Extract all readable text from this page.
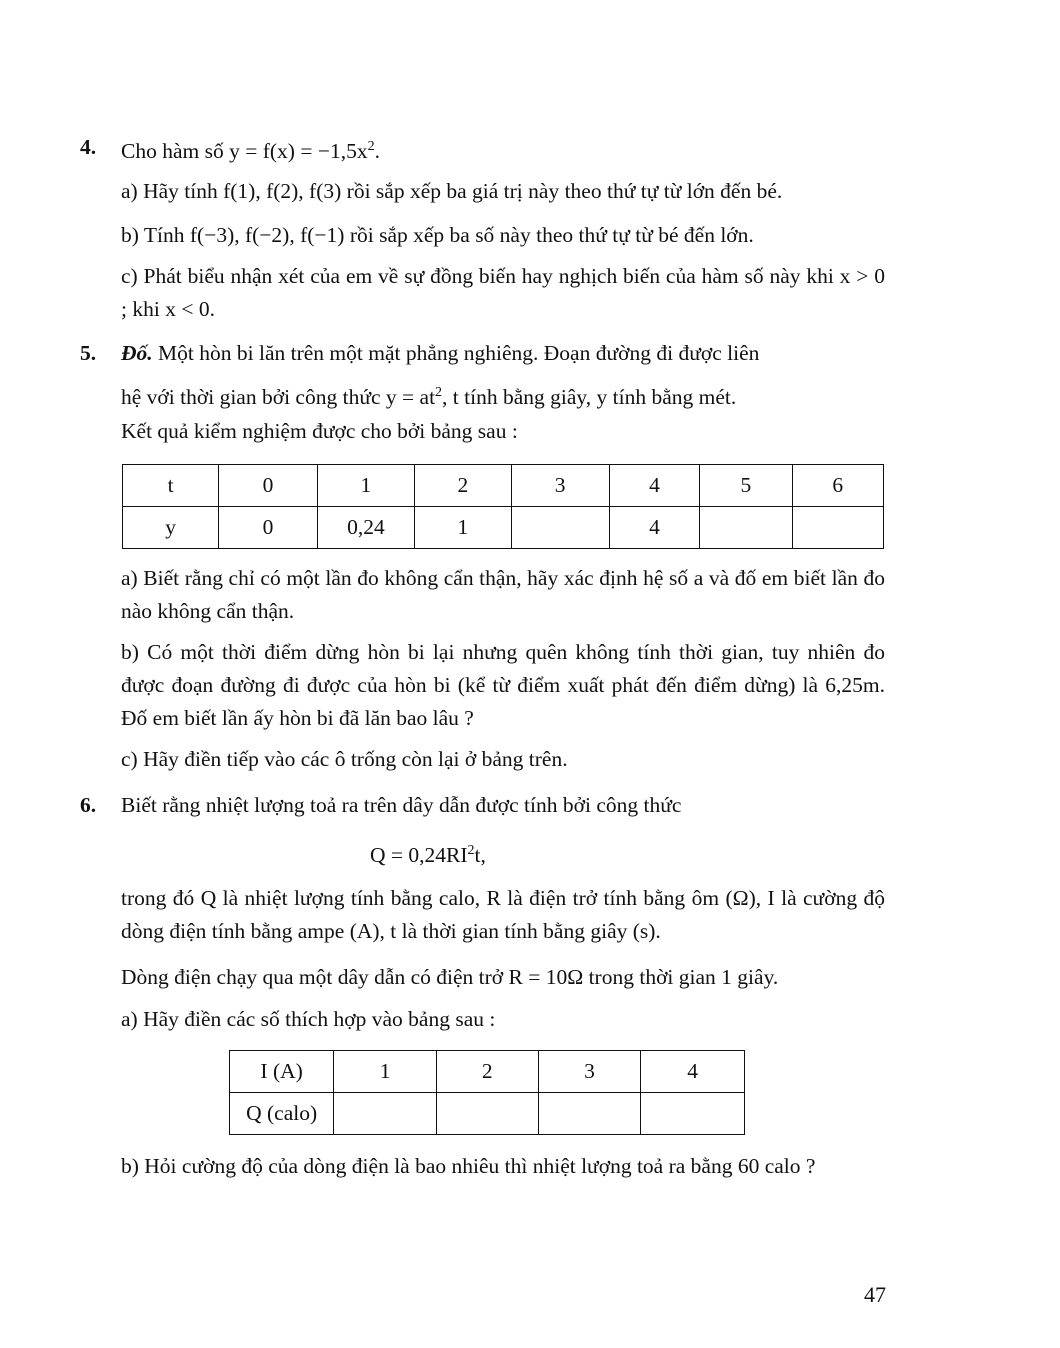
4. Cho hàm số $y = f(x) = -1,5x^2$.
a) Hãy tính f(1), f(2), f(3) rồi sắp xếp ba giá trị này theo thứ tự từ lớn đến bé.
b) Tính f(−3), f(−2), f(−1) rồi sắp xếp ba số này theo thứ tự từ bé đến lớn.
c) Phát biểu nhận xét của em về sự đồng biến hay nghịch biến của hàm số này khi x > 0 ; khi x < 0.
5. Đố. Một hòn bi lăn trên một mặt phẳng nghiêng. Đoạn đường đi được liên
hệ với thời gian bởi công thức $y = at^2$, t tính bằng giây, y tính bằng mét.
Kết quả kiểm nghiệm được cho bởi bảng sau :
t	0	1	2	3	4	5	6
y	0	0,24	1		4		
a) Biết rằng chỉ có một lần đo không cẩn thận, hãy xác định hệ số a và đố em biết lần đo nào không cẩn thận.
b) Có một thời điểm dừng hòn bi lại nhưng quên không tính thời gian, tuy nhiên đo được đoạn đường đi được của hòn bi (kể từ điểm xuất phát đến điểm dừng) là 6,25m. Đố em biết lần ấy hòn bi đã lăn bao lâu ?
c) Hãy điền tiếp vào các ô trống còn lại ở bảng trên.
6. Biết rằng nhiệt lượng toả ra trên dây dẫn được tính bởi công thức
$Q = 0,24RI^2t$,
trong đó Q là nhiệt lượng tính bằng calo, R là điện trở tính bằng ôm (Ω), I là cường độ dòng điện tính bằng ampe (A), t là thời gian tính bằng giây (s).
Dòng điện chạy qua một dây dẫn có điện trở R = 10Ω trong thời gian 1 giây.
a) Hãy điền các số thích hợp vào bảng sau :
I (A)	1	2	3	4
Q (calo)				
b) Hỏi cường độ của dòng điện là bao nhiêu thì nhiệt lượng toả ra bằng 60 calo ?
47
